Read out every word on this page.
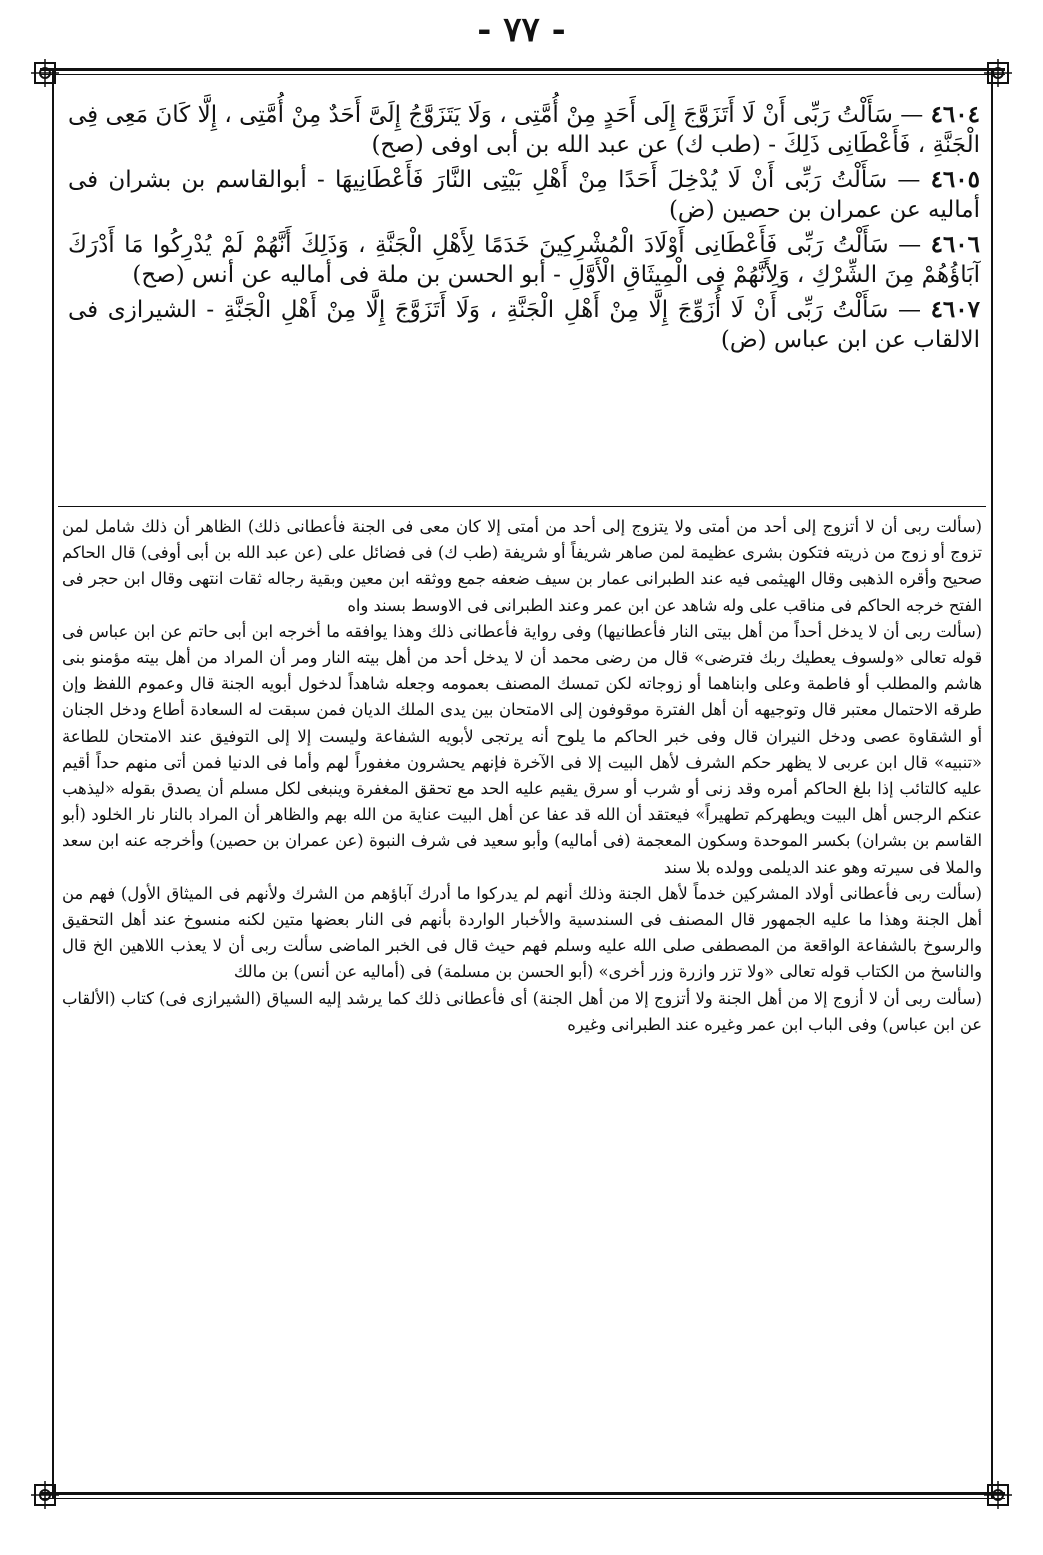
- ٧٧ -

٤٦٠٤ — سَأَلْتُ رَبِّى أَنْ لَا أَتَزَوَّجَ إِلَى أَحَدٍ مِنْ أُمَّتِى ، وَلَا يَتَزَوَّجُ إِلَىَّ أَحَدٌ مِنْ أُمَّتِى ، إِلَّا كَانَ مَعِى فِى الْجَنَّةِ ، فَأَعْطَانِى ذَلِكَ - (طب ك) عن عبد الله بن أبى اوفى (صح)

٤٦٠٥ — سَأَلْتُ رَبِّى أَنْ لَا يُدْخِلَ أَحَدًا مِنْ أَهْلِ بَيْتِى النَّارَ فَأَعْطَانِيهَا - أبوالقاسم بن بشران فى أماليه عن عمران بن حصين (ض)

٤٦٠٦ — سَأَلْتُ رَبِّى فَأَعْطَانِى أَوْلَادَ الْمُشْرِكِينَ خَدَمًا لِأَهْلِ الْجَنَّةِ ، وَذَلِكَ أَنَّهُمْ لَمْ يُدْرِكُوا مَا أَدْرَكَ آبَاؤُهُمْ مِنَ الشِّرْكِ ، وَلِأَنَّهُمْ فِى الْمِيثَاقِ الْأَوَّلِ - أبو الحسن بن ملة فى أماليه عن أنس (صح)

٤٦٠٧ — سَأَلْتُ رَبِّى أَنْ لَا أُزَوِّجَ إِلَّا مِنْ أَهْلِ الْجَنَّةِ ، وَلَا أَتَزَوَّجَ إِلَّا مِنْ أَهْلِ الْجَنَّةِ - الشيرازى فى الالقاب عن ابن عباس (ض)

(سألت ربى أن لا أتزوج إلى أحد من أمتى ولا يتزوج إلى أحد من أمتى إلا كان معى فى الجنة فأعطانى ذلك) الظاهر أن ذلك شامل لمن تزوج أو زوج من ذريته فتكون بشرى عظيمة لمن صاهر شريفاً أو شريفة (طب ك) فى فضائل على (عن عبد الله بن أبى أوفى) قال الحاكم صحيح وأقره الذهبى وقال الهيثمى فيه عند الطبرانى عمار بن سيف ضعفه جمع ووثقه ابن معين وبقية رجاله ثقات انتهى وقال ابن حجر فى الفتح خرجه الحاكم فى مناقب على وله شاهد عن ابن عمر وعند الطبرانى فى الاوسط بسند واه

(سألت ربى أن لا يدخل أحداً من أهل بيتى النار فأعطانيها) وفى رواية فأعطانى ذلك وهذا يوافقه ما أخرجه ابن أبى حاتم عن ابن عباس فى قوله تعالى «ولسوف يعطيك ربك فترضى» قال من رضى محمد أن لا يدخل أحد من أهل بيته النار ومر أن المراد من أهل بيته مؤمنو بنى هاشم والمطلب أو فاطمة وعلى وابناهما أو زوجاته لكن تمسك المصنف بعمومه وجعله شاهداً لدخول أبويه الجنة قال وعموم اللفظ وإن طرقه الاحتمال معتبر قال وتوجيهه أن أهل الفترة موقوفون إلى الامتحان بين يدى الملك الديان فمن سبقت له السعادة أطاع ودخل الجنان أو الشقاوة عصى ودخل النيران قال وفى خبر الحاكم ما يلوح أنه يرتجى لأبويه الشفاعة وليست إلا إلى التوفيق عند الامتحان للطاعة «تنبيه» قال ابن عربى لا يظهر حكم الشرف لأهل البيت إلا فى الآخرة فإنهم يحشرون مغفوراً لهم وأما فى الدنيا فمن أتى منهم حداً أقيم عليه كالتائب إذا بلغ الحاكم أمره وقد زنى أو شرب أو سرق يقيم عليه الحد مع تحقق المغفرة وينبغى لكل مسلم أن يصدق بقوله «ليذهب عنكم الرجس أهل البيت ويطهركم تطهيراً» فيعتقد أن الله قد عفا عن أهل البيت عناية من الله بهم والظاهر أن المراد بالنار نار الخلود (أبو القاسم بن بشران) بكسر الموحدة وسكون المعجمة (فى أماليه) وأبو سعيد فى شرف النبوة (عن عمران بن حصين) وأخرجه عنه ابن سعد والملا فى سيرته وهو عند الديلمى وولده بلا سند

(سألت ربى فأعطانى أولاد المشركين خدماً لأهل الجنة وذلك أنهم لم يدركوا ما أدرك آباؤهم من الشرك ولأنهم فى الميثاق الأول) فهم من أهل الجنة وهذا ما عليه الجمهور قال المصنف فى السندسية والأخبار الواردة بأنهم فى النار بعضها متين لكنه منسوخ عند أهل التحقيق والرسوخ بالشفاعة الواقعة من المصطفى صلى الله عليه وسلم فهم حيث قال فى الخبر الماضى سألت ربى أن لا يعذب اللاهين الخ قال والناسخ من الكتاب قوله تعالى «ولا تزر وازرة وزر أخرى» (أبو الحسن بن مسلمة) فى (أماليه عن أنس) بن مالك

(سألت ربى أن لا أزوج إلا من أهل الجنة ولا أتزوج إلا من أهل الجنة) أى فأعطانى ذلك كما يرشد إليه السياق (الشيرازى فى) كتاب (الألقاب عن ابن عباس) وفى الباب ابن عمر وغيره عند الطبرانى وغيره
